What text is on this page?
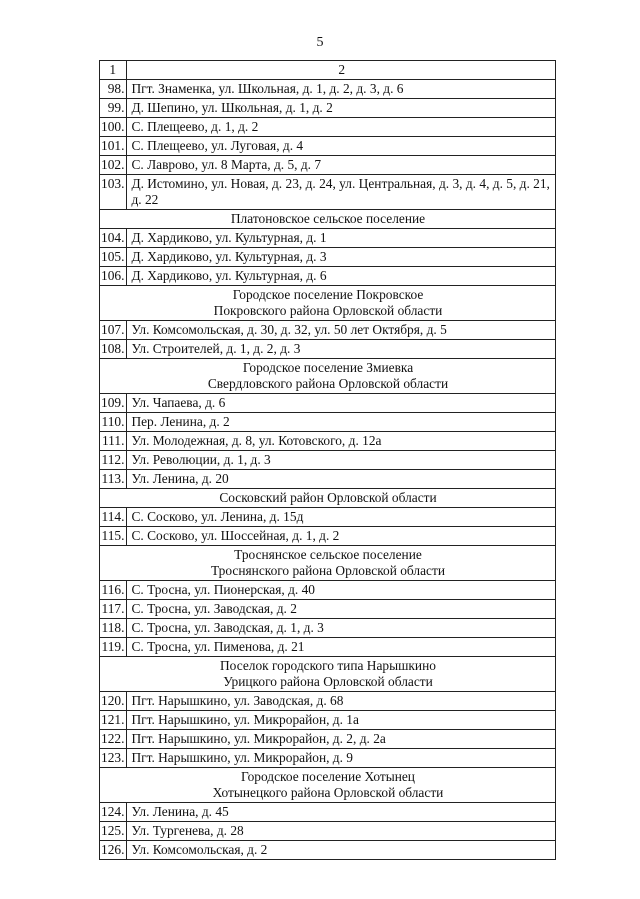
5
1	2
98.	Пгт. Знаменка, ул. Школьная, д. 1, д. 2, д. 3, д. 6
99.	Д. Шепино, ул. Школьная, д. 1, д. 2
100.	С. Плещеево, д. 1, д. 2
101.	С. Плещеево, ул. Луговая, д. 4
102.	С. Лаврово, ул. 8 Марта, д. 5, д. 7
103.	Д. Истомино, ул. Новая, д. 23, д. 24, ул. Центральная, д. 3, д. 4, д. 5, д. 21, д. 22

Платоновское сельское поселение	

104.	Д. Хардиково, ул. Культурная, д. 1
105.	Д. Хардиково, ул. Культурная, д. 3
106.	Д. Хардиково, ул. Культурная, д. 6

Городское поселение Покровское
Покровского района Орловской области	

107.	Ул. Комсомольская, д. 30, д. 32, ул. 50 лет Октября, д. 5
108.	Ул. Строителей, д. 1, д. 2, д. 3

Городское поселение Змиевка
Свердловского района Орловской области	

109.	Ул. Чапаева, д. 6
110.	Пер. Ленина, д. 2
111.	Ул. Молодежная, д. 8, ул. Котовского, д. 12а
112.	Ул. Революции, д. 1, д. 3
113.	Ул. Ленина, д. 20

Сосковский район Орловской области	

114.	С. Сосково, ул. Ленина, д. 15д
115.	С. Сосково, ул. Шоссейная, д. 1, д. 2

Троснянское сельское поселение
Троснянского района Орловской области	

116.	С. Тросна, ул. Пионерская, д. 40
117.	С. Тросна, ул. Заводская, д. 2
118.	С. Тросна, ул. Заводская, д. 1, д. 3
119.	С. Тросна, ул. Пименова, д. 21

Поселок городского типа Нарышкино
Урицкого района Орловской области	

120.	Пгт. Нарышкино, ул. Заводская, д. 68
121.	Пгт. Нарышкино, ул. Микрорайон, д. 1а
122.	Пгт. Нарышкино, ул. Микрорайон, д. 2, д. 2а
123.	Пгт. Нарышкино, ул. Микрорайон, д. 9

Городское поселение Хотынец
Хотынецкого района Орловской области	

124.	Ул. Ленина, д. 45
125.	Ул. Тургенева, д. 28
126.	Ул. Комсомольская, д. 2
